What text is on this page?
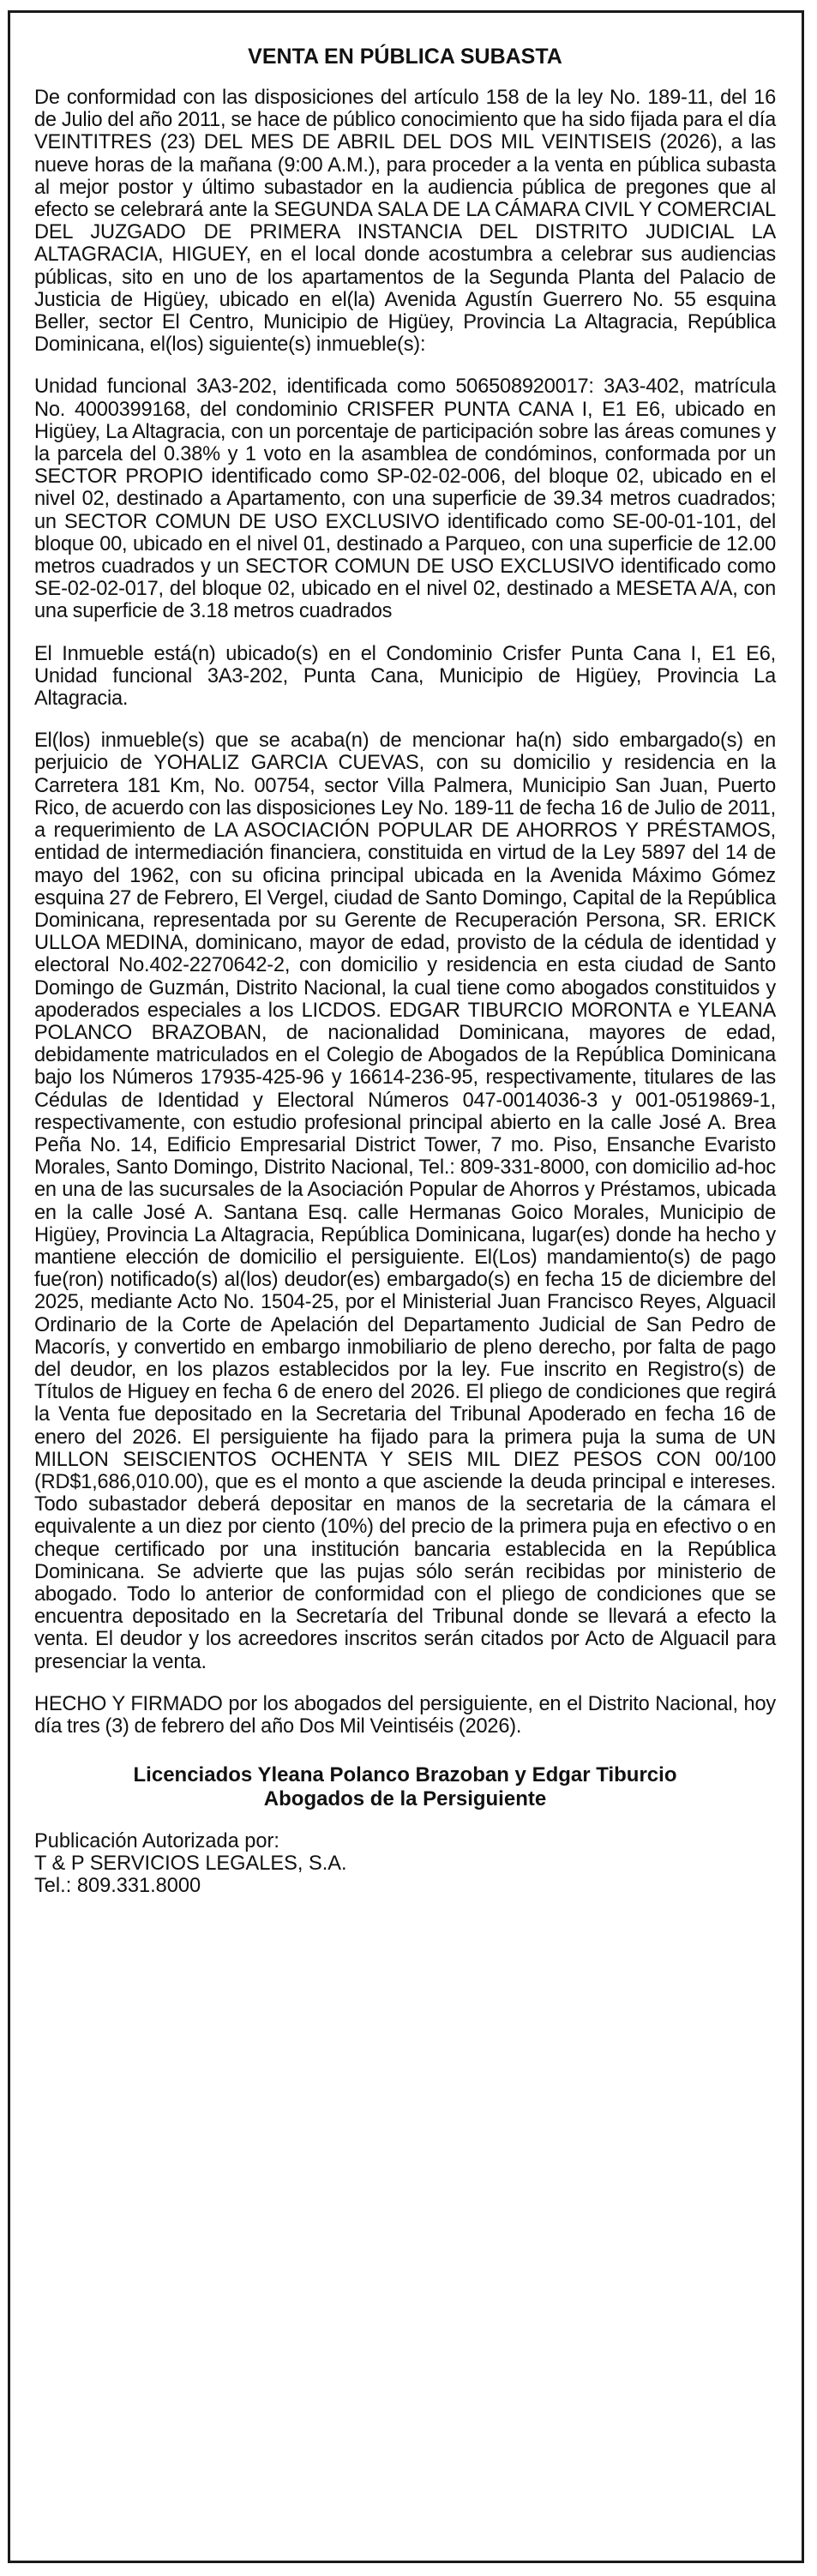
VENTA EN PÚBLICA SUBASTA

De conformidad con las disposiciones del artículo 158 de la ley No. 189-11, del 16 de Julio del año 2011, se hace de público conocimiento que ha sido fijada para el día VEINTITRES (23) DEL MES DE ABRIL DEL DOS MIL VEINTISEIS (2026), a las nueve horas de la mañana (9:00 A.M.), para proceder a la venta en pública subasta al mejor postor y último subastador en la audiencia pública de pregones que al efecto se celebrará ante la SEGUNDA SALA DE LA CÁMARA CIVIL Y COMERCIAL DEL JUZGADO DE PRIMERA INSTANCIA DEL DISTRITO JUDICIAL LA ALTAGRACIA, HIGUEY, en el local donde acostumbra a celebrar sus audiencias públicas, sito en uno de los apartamentos de la Segunda Planta del Palacio de Justicia de Higüey, ubicado en el(la) Avenida Agustín Guerrero No. 55 esquina Beller, sector El Centro, Municipio de Higüey, Provincia La Altagracia, República Dominicana, el(los) siguiente(s) inmueble(s):

Unidad funcional 3A3-202, identificada como 506508920017: 3A3-402, matrícula No. 4000399168, del condominio CRISFER PUNTA CANA I, E1 E6, ubicado en Higüey, La Altagracia, con un porcentaje de participación sobre las áreas comunes y la parcela del 0.38% y 1 voto en la asamblea de condóminos, conformada por un SECTOR PROPIO identificado como SP-02-02-006, del bloque 02, ubicado en el nivel 02, destinado a Apartamento, con una superficie de 39.34 metros cuadrados; un SECTOR COMUN DE USO EXCLUSIVO identificado como SE-00-01-101, del bloque 00, ubicado en el nivel 01, destinado a Parqueo, con una superficie de 12.00 metros cuadrados y un SECTOR COMUN DE USO EXCLUSIVO identificado como SE-02-02-017, del bloque 02, ubicado en el nivel 02, destinado a MESETA A/A, con una superficie de 3.18 metros cuadrados

El Inmueble está(n) ubicado(s) en el Condominio Crisfer Punta Cana I, E1 E6, Unidad funcional 3A3-202, Punta Cana, Municipio de Higüey, Provincia La Altagracia.

El(los) inmueble(s) que se acaba(n) de mencionar ha(n) sido embargado(s) en perjuicio de YOHALIZ GARCIA CUEVAS, con su domicilio y residencia en la Carretera 181 Km, No. 00754, sector Villa Palmera, Municipio San Juan, Puerto Rico, de acuerdo con las disposiciones Ley No. 189-11 de fecha 16 de Julio de 2011, a requerimiento de LA ASOCIACIÓN POPULAR DE AHORROS Y PRÉSTAMOS, entidad de intermediación financiera, constituida en virtud de la Ley 5897 del 14 de mayo del 1962, con su oficina principal ubicada en la Avenida Máximo Gómez esquina 27 de Febrero, El Vergel, ciudad de Santo Domingo, Capital de la República Dominicana, representada por su Gerente de Recuperación Persona, SR. ERICK ULLOA MEDINA, dominicano, mayor de edad, provisto de la cédula de identidad y electoral No.402-2270642-2, con domicilio y residencia en esta ciudad de Santo Domingo de Guzmán, Distrito Nacional, la cual tiene como abogados constituidos y apoderados especiales a los LICDOS. EDGAR TIBURCIO MORONTA e YLEANA POLANCO BRAZOBAN, de nacionalidad Dominicana, mayores de edad, debidamente matriculados en el Colegio de Abogados de la República Dominicana bajo los Números 17935-425-96 y 16614-236-95, respectivamente, titulares de las Cédulas de Identidad y Electoral Números 047-0014036-3 y 001-0519869-1, respectivamente, con estudio profesional principal abierto en la calle José A. Brea Peña No. 14, Edificio Empresarial District Tower, 7 mo. Piso, Ensanche Evaristo Morales, Santo Domingo, Distrito Nacional, Tel.: 809-331-8000, con domicilio ad-hoc en una de las sucursales de la Asociación Popular de Ahorros y Préstamos, ubicada en la calle José A. Santana Esq. calle Hermanas Goico Morales, Municipio de Higüey, Provincia La Altagracia, República Dominicana, lugar(es) donde ha hecho y mantiene elección de domicilio el persiguiente. El(Los) mandamiento(s) de pago fue(ron) notificado(s) al(los) deudor(es) embargado(s) en fecha 15 de diciembre del 2025, mediante Acto No. 1504-25, por el Ministerial Juan Francisco Reyes, Alguacil Ordinario de la Corte de Apelación del Departamento Judicial de San Pedro de Macorís, y convertido en embargo inmobiliario de pleno derecho, por falta de pago del deudor, en los plazos establecidos por la ley. Fue inscrito en Registro(s) de Títulos de Higuey en fecha 6 de enero del 2026. El pliego de condiciones que regirá la Venta fue depositado en la Secretaria del Tribunal Apoderado en fecha 16 de enero del 2026. El persiguiente ha fijado para la primera puja la suma de UN MILLON SEISCIENTOS OCHENTA Y SEIS MIL DIEZ PESOS CON 00/100 (RD$1,686,010.00), que es el monto a que asciende la deuda principal e intereses. Todo subastador deberá depositar en manos de la secretaria de la cámara el equivalente a un diez por ciento (10%) del precio de la primera puja en efectivo o en cheque certificado por una institución bancaria establecida en la República Dominicana. Se advierte que las pujas sólo serán recibidas por ministerio de abogado. Todo lo anterior de conformidad con el pliego de condiciones que se encuentra depositado en la Secretaría del Tribunal donde se llevará a efecto la venta. El deudor y los acreedores inscritos serán citados por Acto de Alguacil para presenciar la venta.

HECHO Y FIRMADO por los abogados del persiguiente, en el Distrito Nacional, hoy día tres (3) de febrero del año Dos Mil Veintiséis (2026).

Licenciados Yleana Polanco Brazoban y Edgar Tiburcio
Abogados de la Persiguiente
Publicación Autorizada por:
T & P SERVICIOS LEGALES, S.A.
Tel.: 809.331.8000
